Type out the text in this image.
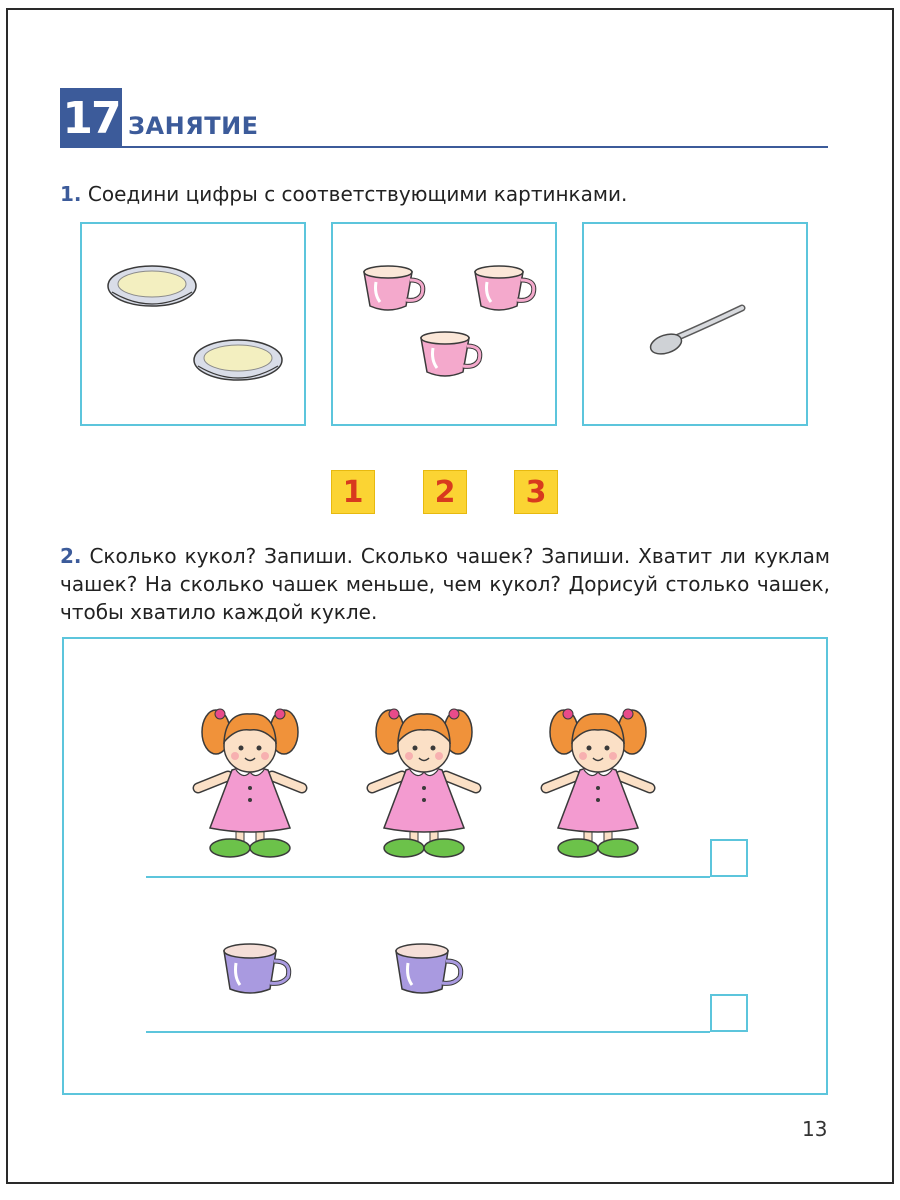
17 ЗАНЯТИЕ
1. Соедини цифры с соответствующими картинками.
1	2	3
2. Сколько кукол? Запиши. Сколько чашек? Запиши. Хватит ли куклам чашек? На сколько чашек меньше, чем кукол? Дорисуй столько чашек, чтобы хватило каждой кукле.
13
